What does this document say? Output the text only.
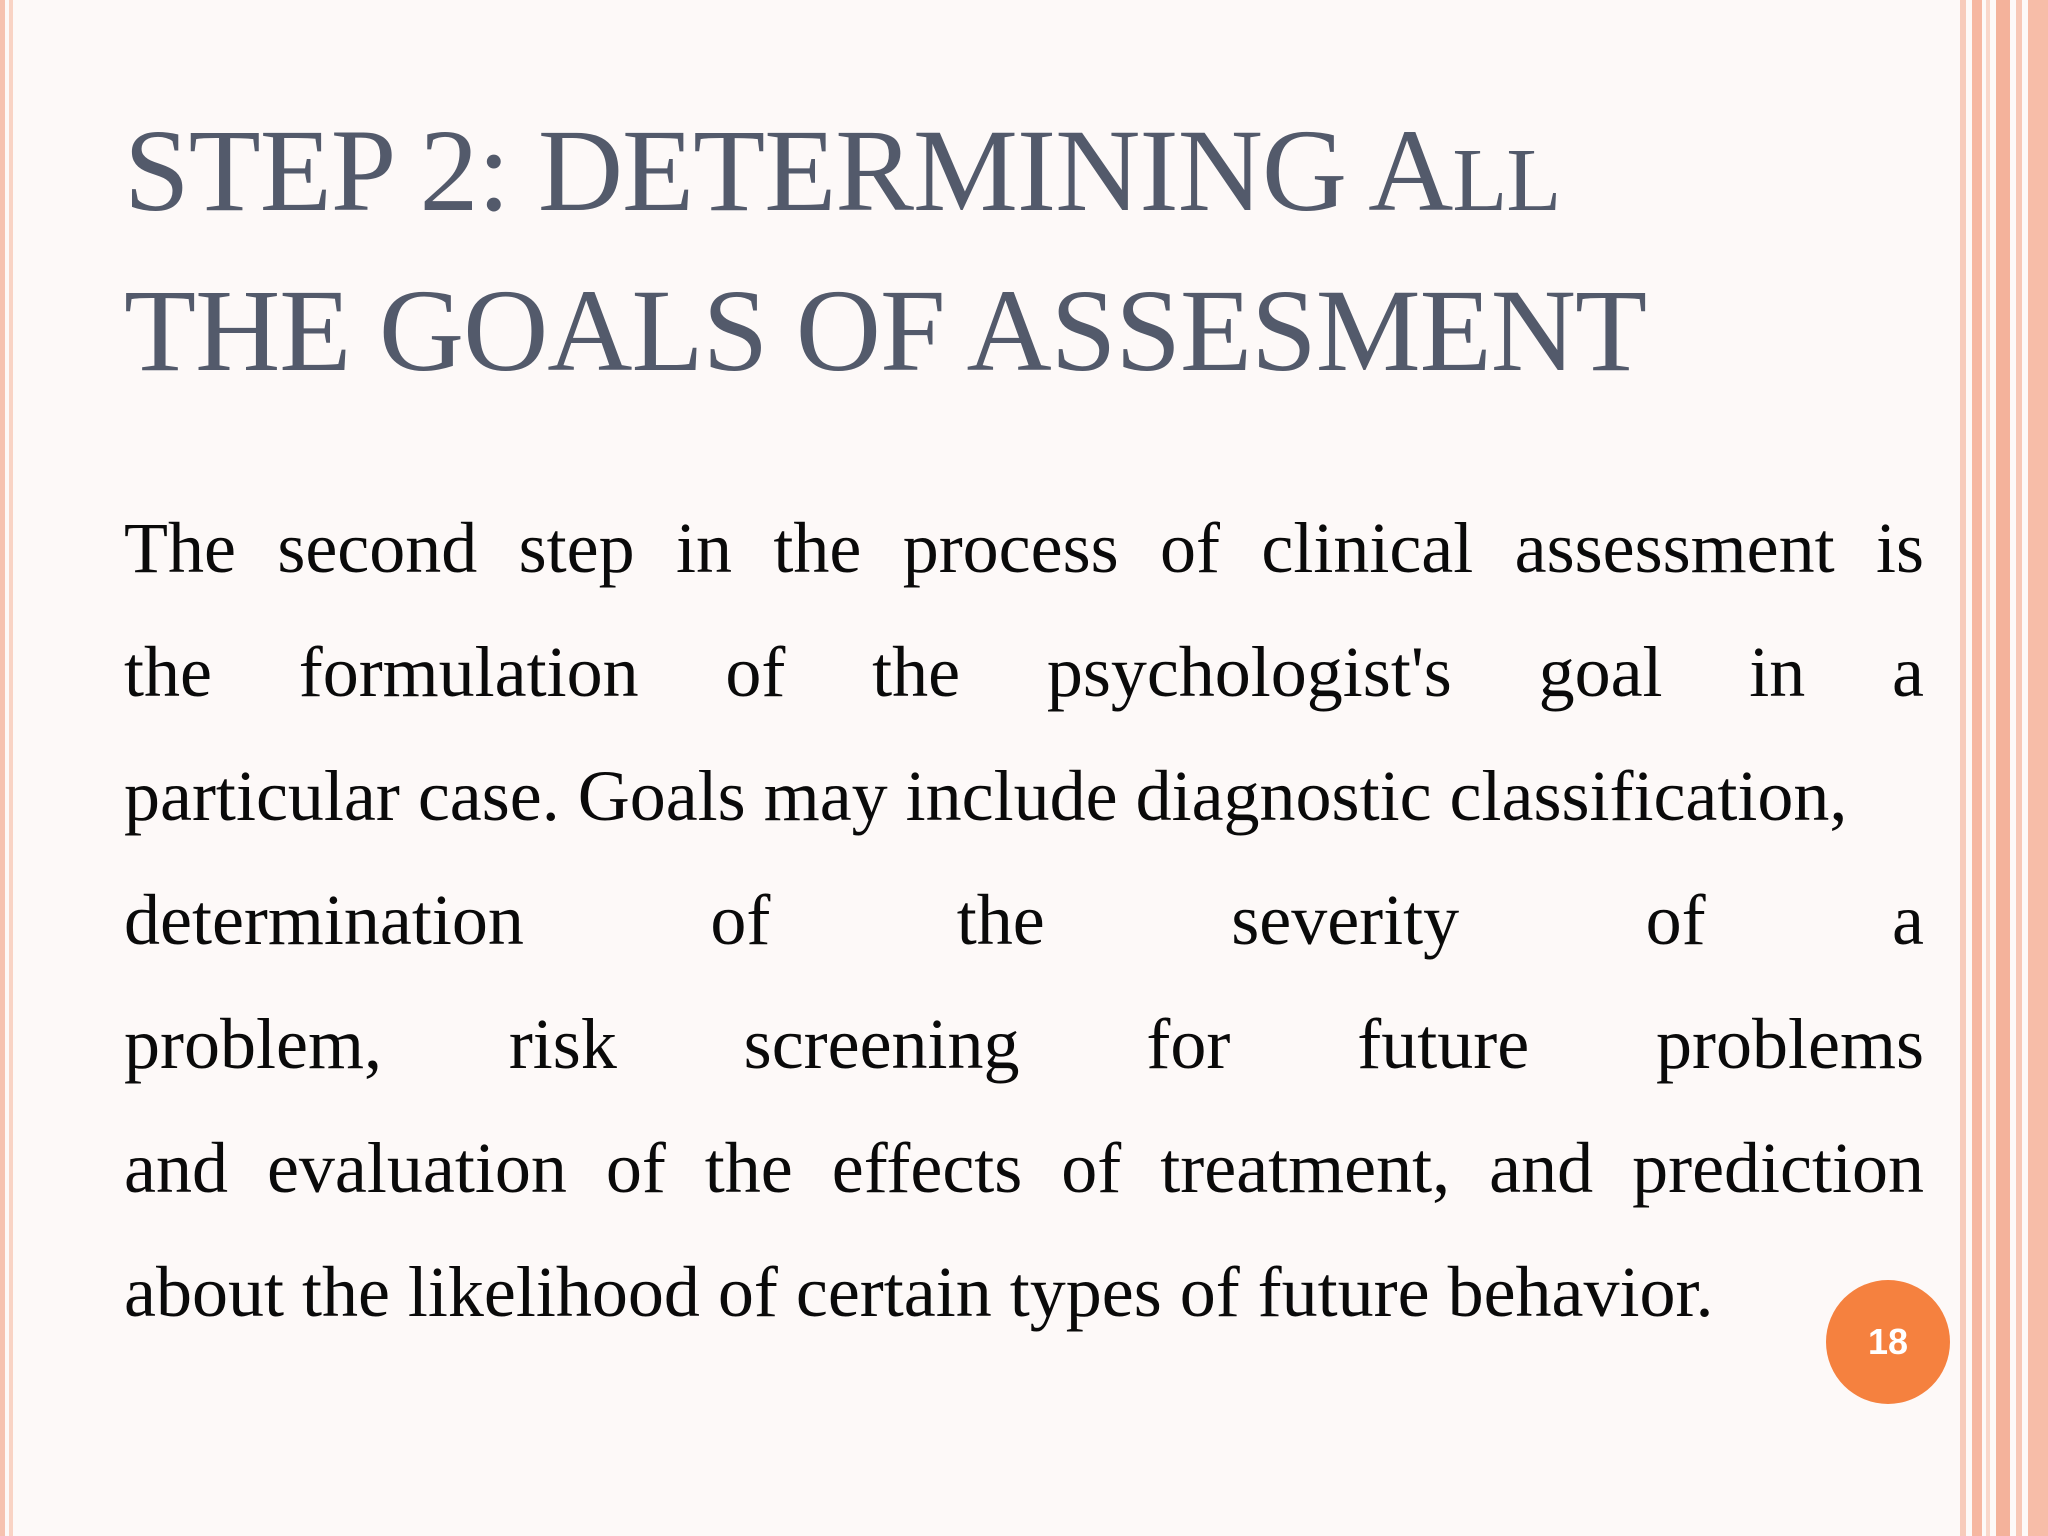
STEP 2: DETERMINING ALL
THE GOALS OF ASSESMENT
The second step in the process of clinical assessment is
the formulation of the psychologist's goal in a
particular case. Goals may include diagnostic classification,
determination of the severity of a
problem, risk screening for future problems
and evaluation of the effects of treatment, and prediction
about the likelihood of certain types of future behavior.
18
